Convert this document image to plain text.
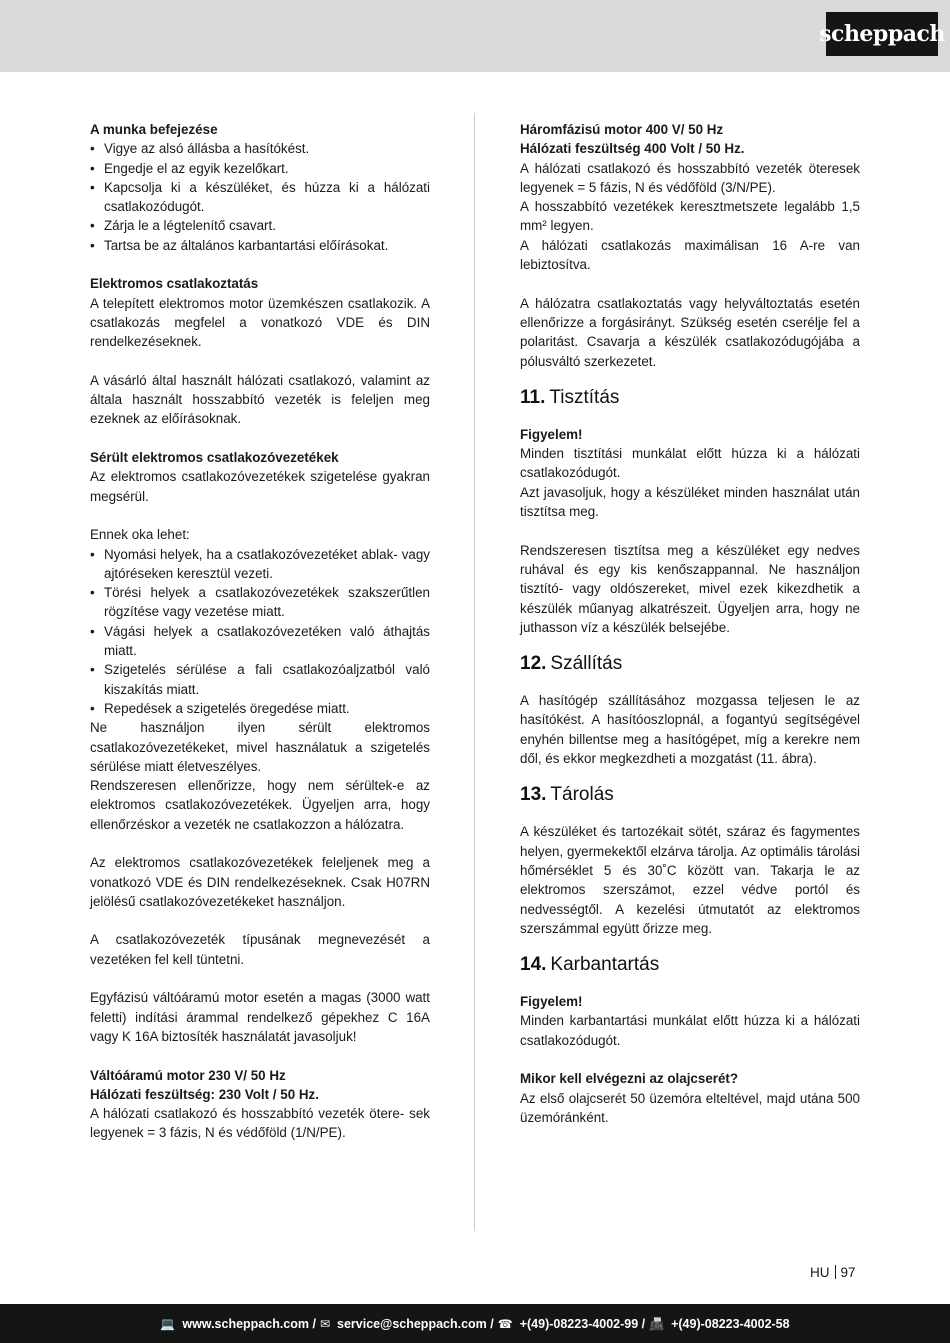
scheppach

A munka befejezése

• Vigye az alsó állásba a hasítókést.
• Engedje el az egyik kezelőkart.
• Kapcsolja ki a készüléket, és húzza ki a hálózati csatlakozódugót.
• Zárja le a légtelenítő csavart.
• Tartsa be az általános karbantartási előírásokat.

Elektromos csatlakoztatás

A telepített elektromos motor üzemkészen csatlakozik. A csatlakozás megfelel a vonatkozó VDE és DIN rendelkezéseknek.

A vásárló által használt hálózati csatlakozó, valamint az általa használt hosszabbító vezeték is feleljen meg ezeknek az előírásoknak.

Sérült elektromos csatlakozóvezetékek

Az elektromos csatlakozóvezetékek szigetelése gyakran megsérül.

Ennek oka lehet:

• Nyomási helyek, ha a csatlakozóvezetéket ablak- vagy ajtóréseken keresztül vezeti.
• Törési helyek a csatlakozóvezetékek szakszerűtlen rögzítése vagy vezetése miatt.
• Vágási helyek a csatlakozóvezetéken való áthajtás miatt.
• Szigetelés sérülése a fali csatlakozóaljzatból való kiszakítás miatt.
• Repedések a szigetelés öregedése miatt.

Ne használjon ilyen sérült elektromos csatlakozóvezetékeket, mivel használatuk a szigetelés sérülése miatt életveszélyes.

Rendszeresen ellenőrizze, hogy nem sérültek-e az elektromos csatlakozóvezetékek. Ügyeljen arra, hogy ellenőrzéskor a vezeték ne csatlakozzon a hálózatra.

Az elektromos csatlakozóvezetékek feleljenek meg a vonatkozó VDE és DIN rendelkezéseknek. Csak H07RN jelölésű csatlakozóvezetékeket használjon.

A csatlakozóvezeték típusának megnevezését a vezetéken fel kell tüntetni.

Egyfázisú váltóáramú motor esetén a magas (3000 watt feletti) indítási árammal rendelkező gépekhez C 16A vagy K 16A biztosíték használatát javasoljuk!

Váltóáramú motor 230 V/ 50 Hz

Hálózati feszültség: 230 Volt / 50 Hz.

A hálózati csatlakozó és hosszabbító vezeték ötere- sek legyenek = 3 fázis, N és védőföld (1/N/PE).

Háromfázisú motor 400 V/ 50 Hz

Hálózati feszültség 400 Volt / 50 Hz.

A hálózati csatlakozó és hosszabbító vezeték öteresek legyenek = 5 fázis, N és védőföld (3/N/PE).

A hosszabbító vezetékek keresztmetszete legalább 1,5 mm² legyen.

A hálózati csatlakozás maximálisan 16 A-re van lebiztosítva.

A hálózatra csatlakoztatás vagy helyváltoztatás esetén ellenőrizze a forgásirányt. Szükség esetén cserélje fel a polaritást. Csavarja a készülék csatlakozódugójába a pólusváltó szerkezetet.

11. Tisztítás

Figyelem!

Minden tisztítási munkálat előtt húzza ki a hálózati csatlakozódugót.

Azt javasoljuk, hogy a készüléket minden használat után tisztítsa meg.

Rendszeresen tisztítsa meg a készüléket egy nedves ruhával és egy kis kenőszappannal. Ne használjon tisztító- vagy oldószereket, mivel ezek kikezdhetik a készülék műanyag alkatrészeit. Ügyeljen arra, hogy ne juthasson víz a készülék belsejébe.

12. Szállítás

A hasítógép szállításához mozgassa teljesen le az hasítókést. A hasítóoszlopnál, a fogantyú segítségével enyhén billentse meg a hasítógépet, míg a kerekre nem dől, és ekkor megkezdheti a mozgatást (11. ábra).

13. Tárolás

A készüléket és tartozékait sötét, száraz és fagymentes helyen, gyermekektől elzárva tárolja. Az optimális tárolási hőmérséklet 5 és 30˚C között van. Takarja le az elektromos szerszámot, ezzel védve portól és nedvességtől. A kezelési útmutatót az elektromos szerszámmal együtt őrizze meg.

14. Karbantartás

Figyelem!

Minden karbantartási munkálat előtt húzza ki a hálózati csatlakozódugót.

Mikor kell elvégezni az olajcserét?

Az első olajcserét 50 üzemóra elteltével, majd utána 500 üzemóránként.

HU 97
💻 www.scheppach.com / ✉ service@scheppach.com / ☎ +(49)-08223-4002-99 / 📠 +(49)-08223-4002-58
